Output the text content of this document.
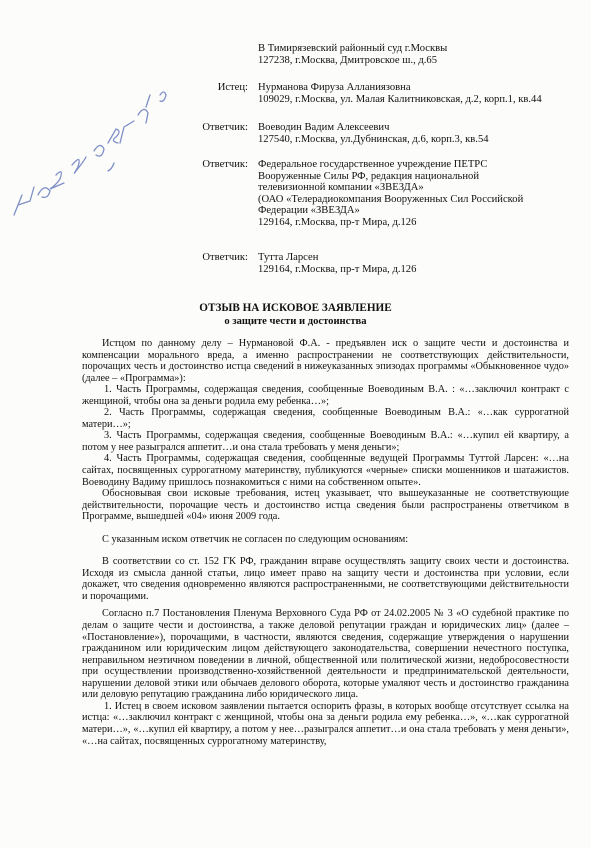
В Тимирязевский районный суд г.Москвы
127238, г.Москва, Дмитровское ш., д.65
Истец: Нурманова Фируза Алланиязовна
109029, г.Москва, ул. Малая Калитниковская, д.2, корп.1, кв.44
Ответчик: Воеводин Вадим Алексеевич
127540, г.Москва, ул.Дубнинская, д.6, корп.3, кв.54
Ответчик: Федеральное государственное учреждение ПЕТРС
Вооруженные Силы РФ, редакция национальной
телевизионной компании «ЗВЕЗДА»
(ОАО «Телерадиокомпания Вооруженных Сил Российской
Федерации «ЗВЕЗДА»
129164, г.Москва, пр-т Мира, д.126
Ответчик: Тутта Ларсен
129164, г.Москва, пр-т Мира, д.126
ОТЗЫВ НА ИСКОВОЕ ЗАЯВЛЕНИЕ
о защите чести и достоинства

Истцом по данному делу – Нурмановой Ф.А. - предъявлен иск о защите чести и достоинства и компенсации морального вреда, а именно распространении не соответствующих действительности, порочащих честь и достоинство истца сведений в нижеуказанных эпизодах программы «Обыкновенное чудо» (далее – «Программа»):

1. Часть Программы, содержащая сведения, сообщенные Воеводиным В.А. : «…заключил контракт с женщиной, чтобы она за деньги родила ему ребенка…»;

2. Часть Программы, содержащая сведения, сообщенные Воеводиным В.А.: «…как суррогатной матери…»;

3. Часть Программы, содержащая сведения, сообщенные Воеводиным В.А.: «…купил ей квартиру, а потом у нее разыгрался аппетит…и она стала требовать у меня деньги»;

4. Часть Программы, содержащая сведения, сообщенные ведущей Программы Туттой Ларсен: «…на сайтах, посвященных суррогатному материнству, публикуются «черные» списки мошенников и шатажистов. Воеводину Вадиму пришлось познакомиться с ними на собственном опыте».

Обосновывая свои исковые требования, истец указывает, что вышеуказанные не соответствующие действительности, порочащие честь и достоинство истца сведения были распространены ответчиком в Программе, вышедшей «04» июня 2009 года.

С указанным иском ответчик не согласен по следующим основаниям:

В соответствии со ст. 152 ГК РФ, гражданин вправе осуществлять защиту своих чести и достоинства. Исходя из смысла данной статьи, лицо имеет право на защиту чести и достоинства при условии, если докажет, что сведения одновременно являются распространенными, не соответствующими действительности и порочащими.

Согласно п.7 Постановления Пленума Верховного Суда РФ от 24.02.2005 № 3 «О судебной практике по делам о защите чести и достоинства, а также деловой репутации граждан и юридических лиц» (далее – «Постановление»), порочащими, в частности, являются сведения, содержащие утверждения о нарушении гражданином или юридическим лицом действующего законодательства, совершении нечестного поступка, неправильном неэтичном поведении в личной, общественной или политической жизни, недобросовестности при осуществлении производственно-хозяйственной деятельности и предпринимательской деятельности, нарушении деловой этики или обычаев делового оборота, которые умаляют честь и достоинство гражданина или деловую репутацию гражданина либо юридического лица.

1. Истец в своем исковом заявлении пытается оспорить фразы, в которых вообще отсутствует ссылка на истца: «…заключил контракт с женщиной, чтобы она за деньги родила ему ребенка…», «…как суррогатной матери…», «…купил ей квартиру, а потом у нее…разыгрался аппетит…и она стала требовать у меня деньги», «…на сайтах, посвященных суррогатному материнству,
